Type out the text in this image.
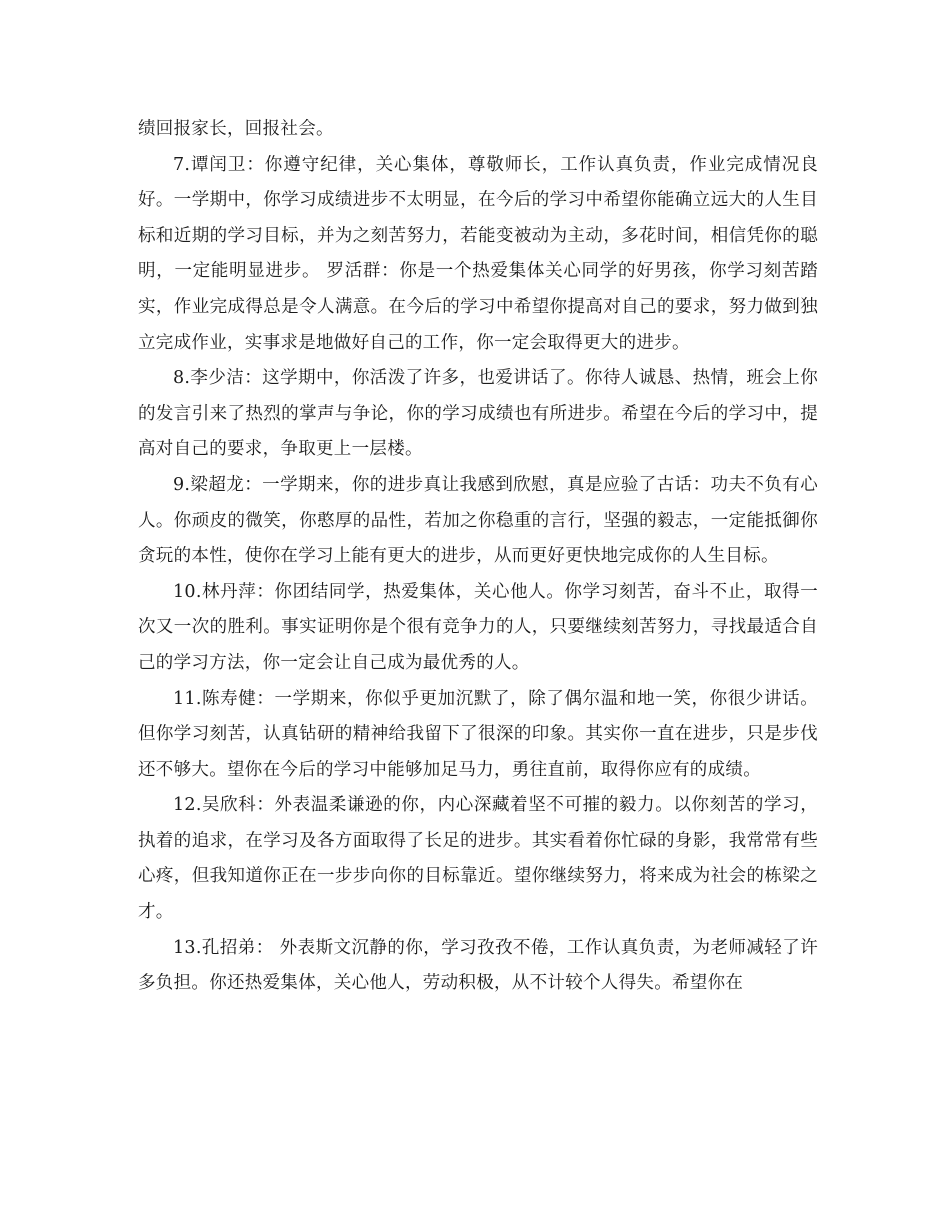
绩回报家长，回报社会。

7.谭闰卫：你遵守纪律，关心集体，尊敬师长，工作认真负责，作业完成情况良好。一学期中，你学习成绩进步不太明显，在今后的学习中希望你能确立远大的人生目标和近期的学习目标，并为之刻苦努力，若能变被动为主动，多花时间，相信凭你的聪明，一定能明显进步。 罗活群：你是一个热爱集体关心同学的好男孩，你学习刻苦踏实，作业完成得总是令人满意。在今后的学习中希望你提高对自己的要求，努力做到独立完成作业，实事求是地做好自己的工作，你一定会取得更大的进步。

8.李少洁：这学期中，你活泼了许多，也爱讲话了。你待人诚恳、热情，班会上你的发言引来了热烈的掌声与争论，你的学习成绩也有所进步。希望在今后的学习中，提高对自己的要求，争取更上一层楼。

9.梁超龙：一学期来，你的进步真让我感到欣慰，真是应验了古话：功夫不负有心人。你顽皮的微笑，你憨厚的品性，若加之你稳重的言行，坚强的毅志，一定能抵御你贪玩的本性，使你在学习上能有更大的进步，从而更好更快地完成你的人生目标。

10.林丹萍：你团结同学，热爱集体，关心他人。你学习刻苦，奋斗不止，取得一次又一次的胜利。事实证明你是个很有竞争力的人，只要继续刻苦努力，寻找最适合自己的学习方法，你一定会让自己成为最优秀的人。

11.陈寿健：一学期来，你似乎更加沉默了，除了偶尔温和地一笑，你很少讲话。但你学习刻苦，认真钻研的精神给我留下了很深的印象。其实你一直在进步，只是步伐还不够大。望你在今后的学习中能够加足马力，勇往直前，取得你应有的成绩。

12.吴欣科：外表温柔谦逊的你，内心深藏着坚不可摧的毅力。以你刻苦的学习，执着的追求，在学习及各方面取得了长足的进步。其实看着你忙碌的身影，我常常有些心疼，但我知道你正在一步步向你的目标靠近。望你继续努力，将来成为社会的栋梁之才。

13.孔招弟： 外表斯文沉静的你，学习孜孜不倦，工作认真负责，为老师减轻了许多负担。你还热爱集体，关心他人，劳动积极，从不计较个人得失。希望你在
